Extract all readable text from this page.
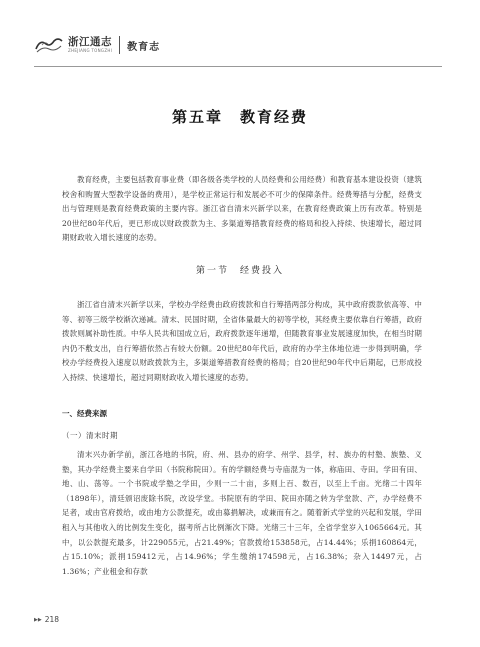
浙江通志
ZHEJIANG TONGZHI 教育志
第五章　教育经费

教育经费，主要包括教育事业费（即各级各类学校的人员经费和公用经费）和教育基本建设投资（建筑校舍和购置大型教学设备的费用），是学校正常运行和发展必不可少的保障条件。经费筹措与分配，经费支出与管理则是教育经费政策的主要内容。浙江省自清末兴新学以来，在教育经费政策上历有改革。特别是20世纪80年代后，更已形成以财政拨款为主、多渠道筹措教育经费的格局和投入持续、快速增长，超过同期财政收入增长速度的态势。

第一节　经费投入

浙江省自清末兴新学以来，学校办学经费由政府拨款和自行筹措两部分构成，其中政府拨款依高等、中等、初等三级学校渐次递减。清末、民国时期，全省体量最大的初等学校，其经费主要依靠自行筹措，政府拨款则属补助性质。中华人民共和国成立后，政府拨款逐年递增，但随教育事业发展速度加快，在相当时期内仍不敷支出，自行筹措依然占有较大份额。20世纪80年代后，政府的办学主体地位进一步得到明确，学校办学经费投入速度以财政拨款为主，多渠道筹措教育经费的格局；自20世纪90年代中后期起，已形成投入持续、快速增长，超过同期财政收入增长速度的态势。

一、经费来源
（一）清末时期

清末兴办新学前，浙江各地的书院，府、州、县办的府学、州学、县学，村、族办的村塾、族塾、义塾，其办学经费主要来自学田（书院称院田）。有的学额经费与寺庙混为一体，称庙田、寺田。学田有田、地、山、荡等。一个书院或学塾之学田，少则一二十亩，多则上百、数百，以至上千亩。光绪二十四年（1898年），清廷颁诏废除书院，改设学堂。书院原有的学田、院田亦随之转为学堂款、产，办学经费不足者，或由官府拨给，或由地方公款提充，或由募捐解决，或兼而有之。随着新式学堂的兴起和发展，学田租入与其他收入的比例发生变化，据考所占比例渐次下降。光绪三十三年，全省学堂岁入1065664元。其中，以公款提充最多，计229055元，占21.49%；官款拨给153858元，占14.44%；乐捐160864元，占15.10%；派捐159412元，占14.96%；学生缴纳174598元，占16.38%；杂入14497元，占1.36%；产业租金和存款

▶▶ 218
